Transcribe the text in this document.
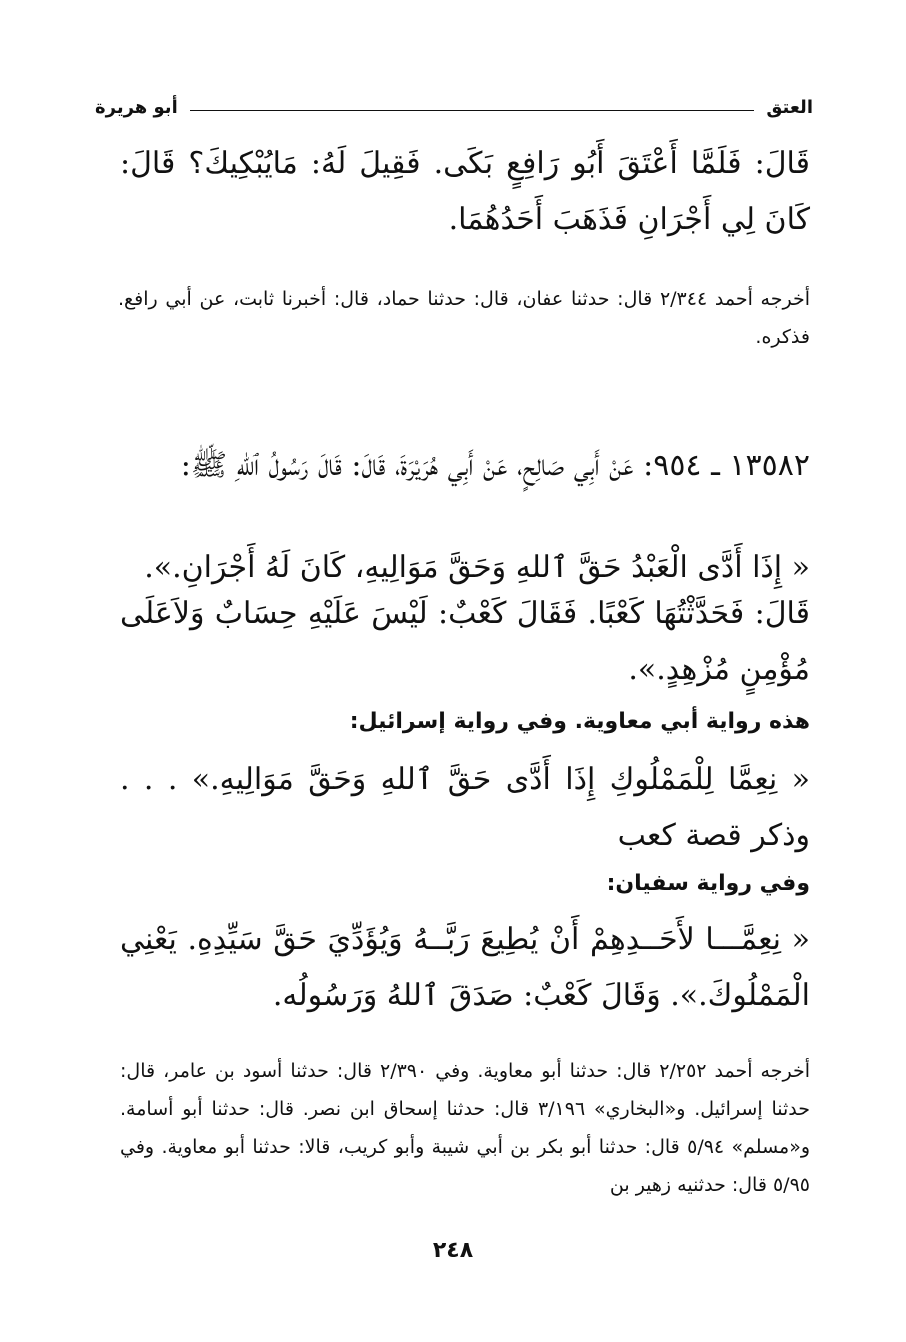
العتق
أبو هريرة

قَالَ: فَلَمَّا أَعْتَقَ أَبُو رَافِعٍ بَكَى. فَقِيلَ لَهُ: مَايُبْكِيكَ؟ قَالَ: كَانَ لِي أَجْرَانِ فَذَهَبَ أَحَدُهُمَا.

أخرجه أحمد ٢/٣٤٤ قال: حدثنا عفان، قال: حدثنا حماد، قال: أخبرنا ثابت، عن أبي رافع. فذكره.

١٣٥٨٢ ـ ٩٥٤: عَنْ أَبِي صَالِحٍ، عَنْ أَبِي هُرَيْرَةَ، قَالَ: قَالَ رَسُولُ ٱللهِ ﷺ:

« إِذَا أَدَّى الْعَبْدُ حَقَّ ٱللهِ وَحَقَّ مَوَالِيهِ، كَانَ لَهُ أَجْرَانِ.».

قَالَ: فَحَدَّثْتُهَا كَعْبًا. فَقَالَ كَعْبٌ: لَيْسَ عَلَيْهِ حِسَابٌ وَلاَعَلَى مُؤْمِنٍ مُزْهِدٍ.».

هذه رواية أبي معاوية. وفي رواية إسرائيل:

« نِعِمَّا لِلْمَمْلُوكِ إِذَا أَدَّى حَقَّ ٱللهِ وَحَقَّ مَوَالِيهِ.» . . . وذكر قصة كعب

وفي رواية سفيان:

« نِعِمَّـــا لأَحَــدِهِمْ أَنْ يُطِيعَ رَبَّــهُ وَيُؤَدِّيَ حَقَّ سَيِّدِهِ. يَعْنِي الْمَمْلُوكَ.». وَقَالَ كَعْبٌ: صَدَقَ ٱللهُ وَرَسُولُه.

أخرجه أحمد ٢/٢٥٢ قال: حدثنا أبو معاوية. وفي ٢/٣٩٠ قال: حدثنا أسود بن عامر، قال: حدثنا إسرائيل. و«البخاري» ٣/١٩٦ قال: حدثنا إسحاق ابن نصر. قال: حدثنا أبو أسامة. و«مسلم» ٥/٩٤ قال: حدثنا أبو بكر بن أبي شيبة وأبو كريب، قالا: حدثنا أبو معاوية. وفي ٥/٩٥ قال: حدثنيه زهير بن

٢٤٨
